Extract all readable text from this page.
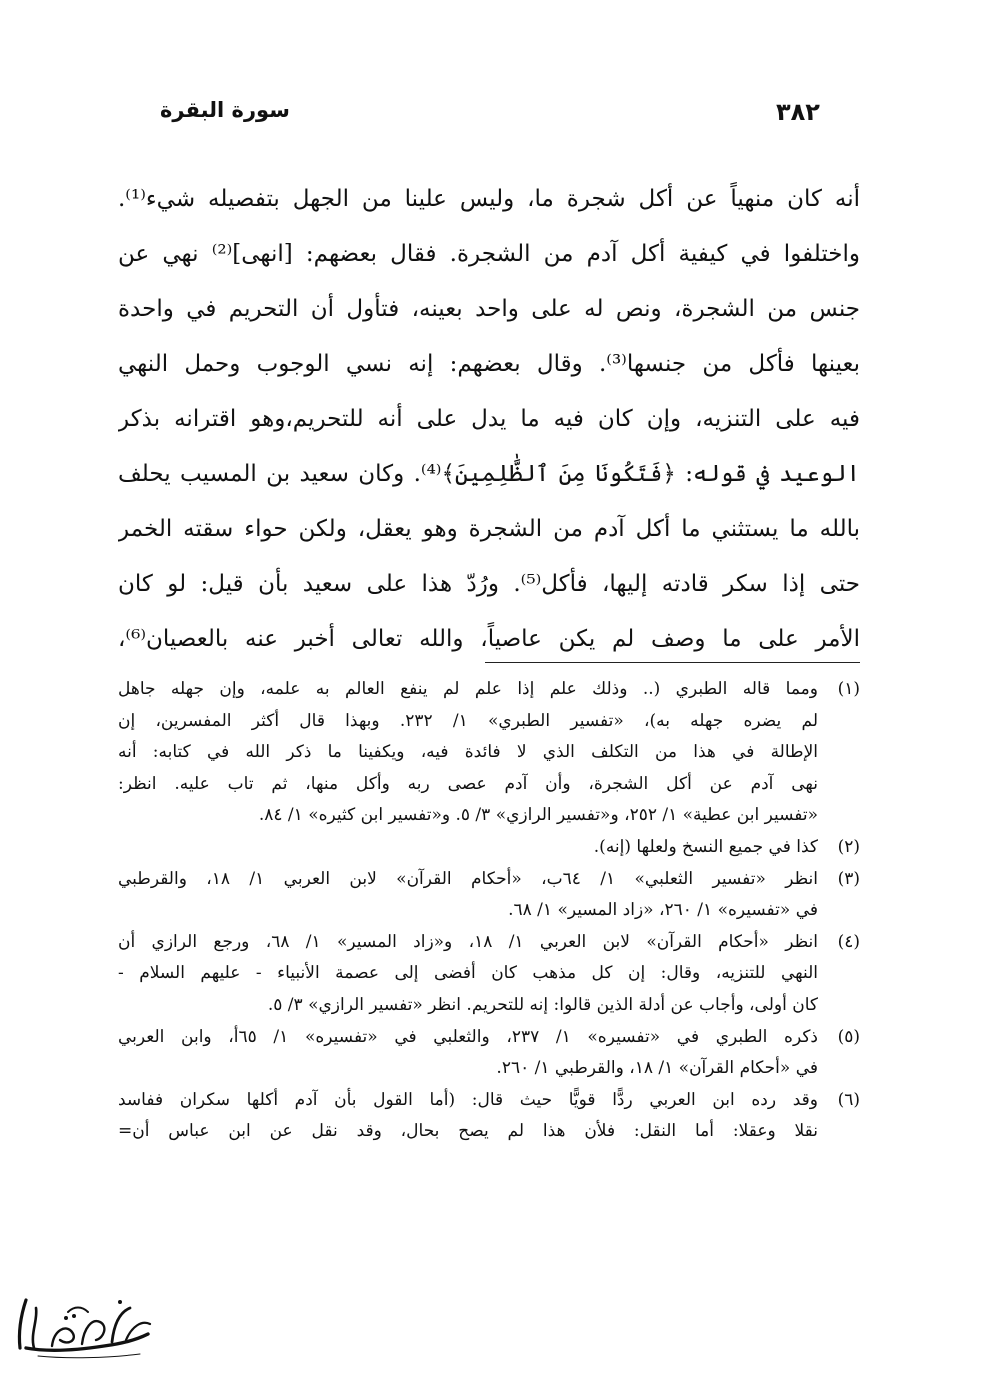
سورة البقرة	٣٨٢
أنه كان منهياً عن أكل شجرة ما، وليس علينا من الجهل بتفصيله شيء⁽¹⁾.
واختلفوا في كيفية أكل آدم من الشجرة. فقال بعضهم: [انهى]⁽²⁾ نهي عن
جنس من الشجرة، ونص له على واحد بعينه، فتأول أن التحريم في واحدة
بعينها فأكل من جنسها⁽³⁾. وقال بعضهم: إنه نسي الوجوب وحمل النهي
فيه على التنزيه، وإن كان فيه ما يدل على أنه للتحريم،وهو اقترانه بذكر
الوعيد في قوله: ﴿فَتَكُونَا مِنَ ٱلظَّٰلِمِينَ﴾⁽⁴⁾. وكان سعيد بن المسيب يحلف
بالله ما يستثني ما أكل آدم من الشجرة وهو يعقل، ولكن حواء سقته الخمر
حتى إذا سكر قادته إليها، فأكل⁽⁵⁾. ورُدّ هذا على سعيد بأن قيل: لو كان
الأمر على ما وصف لم يكن عاصياً، والله تعالى أخبر عنه بالعصيان⁽⁶⁾،
(١)
ومما قاله الطبري (.. وذلك علم إذا علم لم ينفع العالم به علمه، وإن جهله جاهل
لم يضره جهله به)، «تفسير الطبري» ١/ ٢٣٢. وبهذا قال أكثر المفسرين، إن
الإطالة في هذا من التكلف الذي لا فائدة فيه، ويكفينا ما ذكر الله في كتابه: أنه
نهى آدم عن أكل الشجرة، وأن آدم عصى ربه وأكل منها، ثم تاب عليه. انظر:
«تفسير ابن عطية» ١/ ٢٥٢، و«تفسير الرازي» ٣/ ٥. و«تفسير ابن كثيره» ١/ ٨٤.
(٢)
كذا في جميع النسخ ولعلها (إنه).
(٣)
انظر «تفسير الثعلبي» ١/ ٦٤ب، «أحكام القرآن» لابن العربي ١/ ١٨، والقرطبي
في «تفسيره» ١/ ٢٦٠، «زاد المسير» ١/ ٦٨.
(٤)
انظر «أحكام القرآن» لابن العربي ١/ ١٨، و«زاد المسير» ١/ ٦٨، ورجع الرازي أن
النهي للتنزيه، وقال: إن كل مذهب كان أفضى إلى عصمة الأنبياء - عليهم السلام -
كان أولى، وأجاب عن أدلة الذين قالوا: إنه للتحريم. انظر «تفسير الرازي» ٣/ ٥.
(٥)
ذكره الطبري في «تفسيره» ١/ ٢٣٧، والثعلبي في «تفسيره» ١/ ٦٥أ، وابن العربي
في «أحكام القرآن» ١/ ١٨، والقرطبي ١/ ٢٦٠.
(٦)
وقد رده ابن العربي ردًّا قويًّا حيث قال: (أما القول بأن آدم أكلها سكران ففاسد
نقلا وعقلا: أما النقل: فلأن هذا لم يصح بحال، وقد نقل عن ابن عباس أن=
